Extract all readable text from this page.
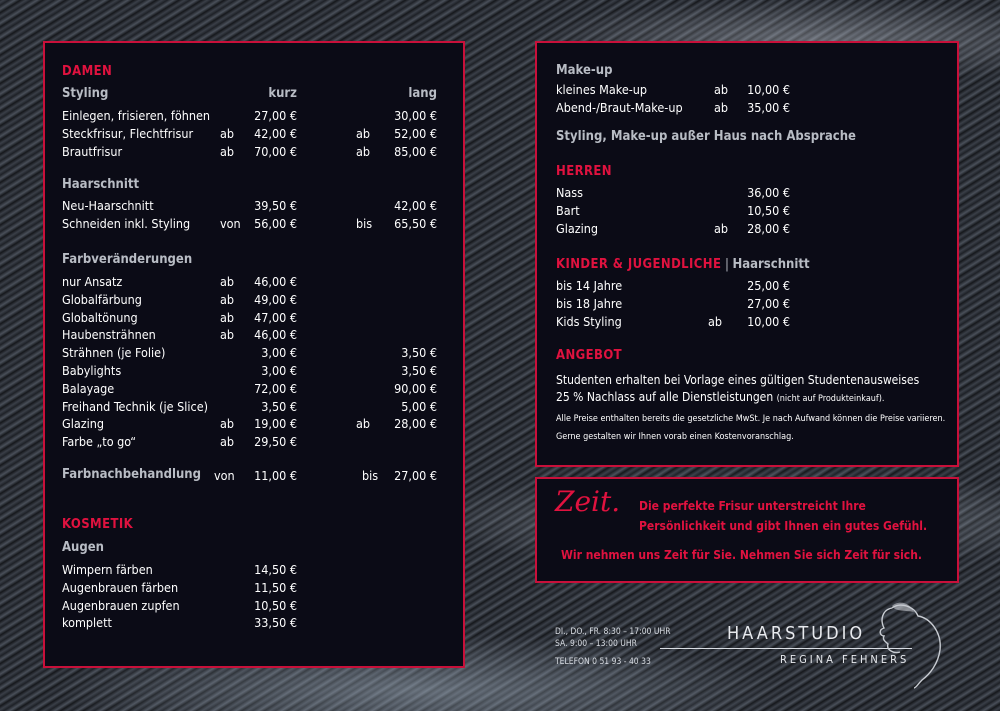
DAMEN
Styling	kurz	lang
Einlegen, frisieren, föhnen	27,00 €	30,00 €
Steckfrisur, Flechtfrisur ab	42,00 €	ab	52,00 €
Brautfrisur	ab	70,00 €	ab	85,00 €
Haarschnitt
Neu-Haarschnitt	39,50 €	42,00 €
Schneiden inkl. Styling von	56,00 €	bis	65,50 €
Farbveränderungen
nur Ansatz	ab	46,00 €
Globalfärbung	ab	49,00 €
Globaltönung	ab	47,00 €
Haubensträhnen	ab	46,00 €
Strähnen (je Folie)	3,00 €	3,50 €
Babylights	3,00 €	3,50 €
Balayage	72,00 €	90,00 €
Freihand Technik (je Slice)	3,50 €	5,00 €
Glazing	ab	19,00 €	ab	28,00 €
Farbe „to go“	ab	29,50 €
Farbnachbehandlung von	11,00 €	bis	27,00 €
KOSMETIK
Augen
Wimpern färben	14,50 €
Augenbrauen färben	11,50 €
Augenbrauen zupfen	10,50 €
komplett	33,50 €
Make-up
kleines Make-up	ab	10,00 €
Abend-/Braut-Make-up	ab	35,00 €
Styling, Make-up außer Haus nach Absprache
HERREN
Nass	36,00 €
Bart	10,50 €
Glazing	ab	28,00 €
KINDER & JUGENDLICHE | Haarschnitt
bis 14 Jahre	25,00 €
bis 18 Jahre	27,00 €
Kids Styling	ab	10,00 €
ANGEBOT
Studenten erhalten bei Vorlage eines gültigen Studentenausweises
25 % Nachlass auf alle Dienstleistungen (nicht auf Produkteinkauf).
Alle Preise enthalten bereits die gesetzliche MwSt. Je nach Aufwand können die Preise variieren.
Gerne gestalten wir Ihnen vorab einen Kostenvoranschlag.
Zeit. Die perfekte Frisur unterstreicht Ihre
Persönlichkeit und gibt Ihnen ein gutes Gefühl.
Wir nehmen uns Zeit für Sie. Nehmen Sie sich Zeit für sich.
DI., DO., FR. 8:30 – 17:00 UHR
SA. 9:00 – 13:00 UHR
TELEFON 0 51 93 - 40 33
HAARSTUDIO
REGINA FEHNERS
